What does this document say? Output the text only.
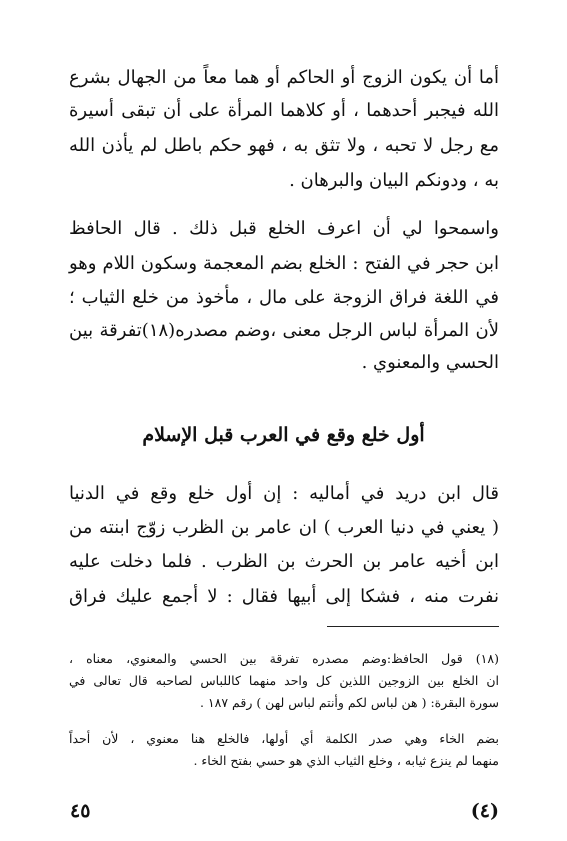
أما أن يكون الزوج أو الحاكم أو هما معاً من الجهال بشرع
الله فيجبر أحدهما ، أو كلاهما المرأة على أن تبقى أسيرة
مع رجل لا تحبه ، ولا تثق به ، فهو حكم باطل لم يأذن الله
به ، ودونكم البيان والبرهان .
واسمحوا لي أن اعرف الخلع قبل ذلك . قال الحافظ
ابن حجر في الفتح : الخلع بضم المعجمة وسكون اللام وهو
في اللغة فراق الزوجة على مال ، مأخوذ من خلع الثياب ؛
لأن المرأة لباس الرجل معنى ،وضم مصدره(١٨)تفرقة بين
الحسي والمعنوي .
أول خلع وقع في العرب قبل الإسلام
قال ابن دريد في أماليه : إن أول خلع وقع في الدنيا
( يعني في دنيا العرب ) ان عامر بن الظرب زوّج ابنته من
ابن أخيه عامر بن الحرث بن الظرب . فلما دخلت عليه
نفرت منه ، فشكا إلى أبيها فقال : لا أجمع عليك فراق
(١٨) قول الحافظ:وضم مصدره تفرقة بين الحسي والمعنوي، معناه ،
ان الخلع بين الزوجين اللذين كل واحد منهما كاللباس لصاحبه قال تعالى في
سورة البقرة: ( هن لباس لكم وأنتم لباس لهن ) رقم ١٨٧ .
بضم الخاء وهي صدر الكلمة أي أولها، فالخلع هنا معنوي ، لأن أحداً
منهما لم ينزع ثيابه ، وخلع الثياب الذي هو حسي بفتح الخاء .
٤٥	(٤)
